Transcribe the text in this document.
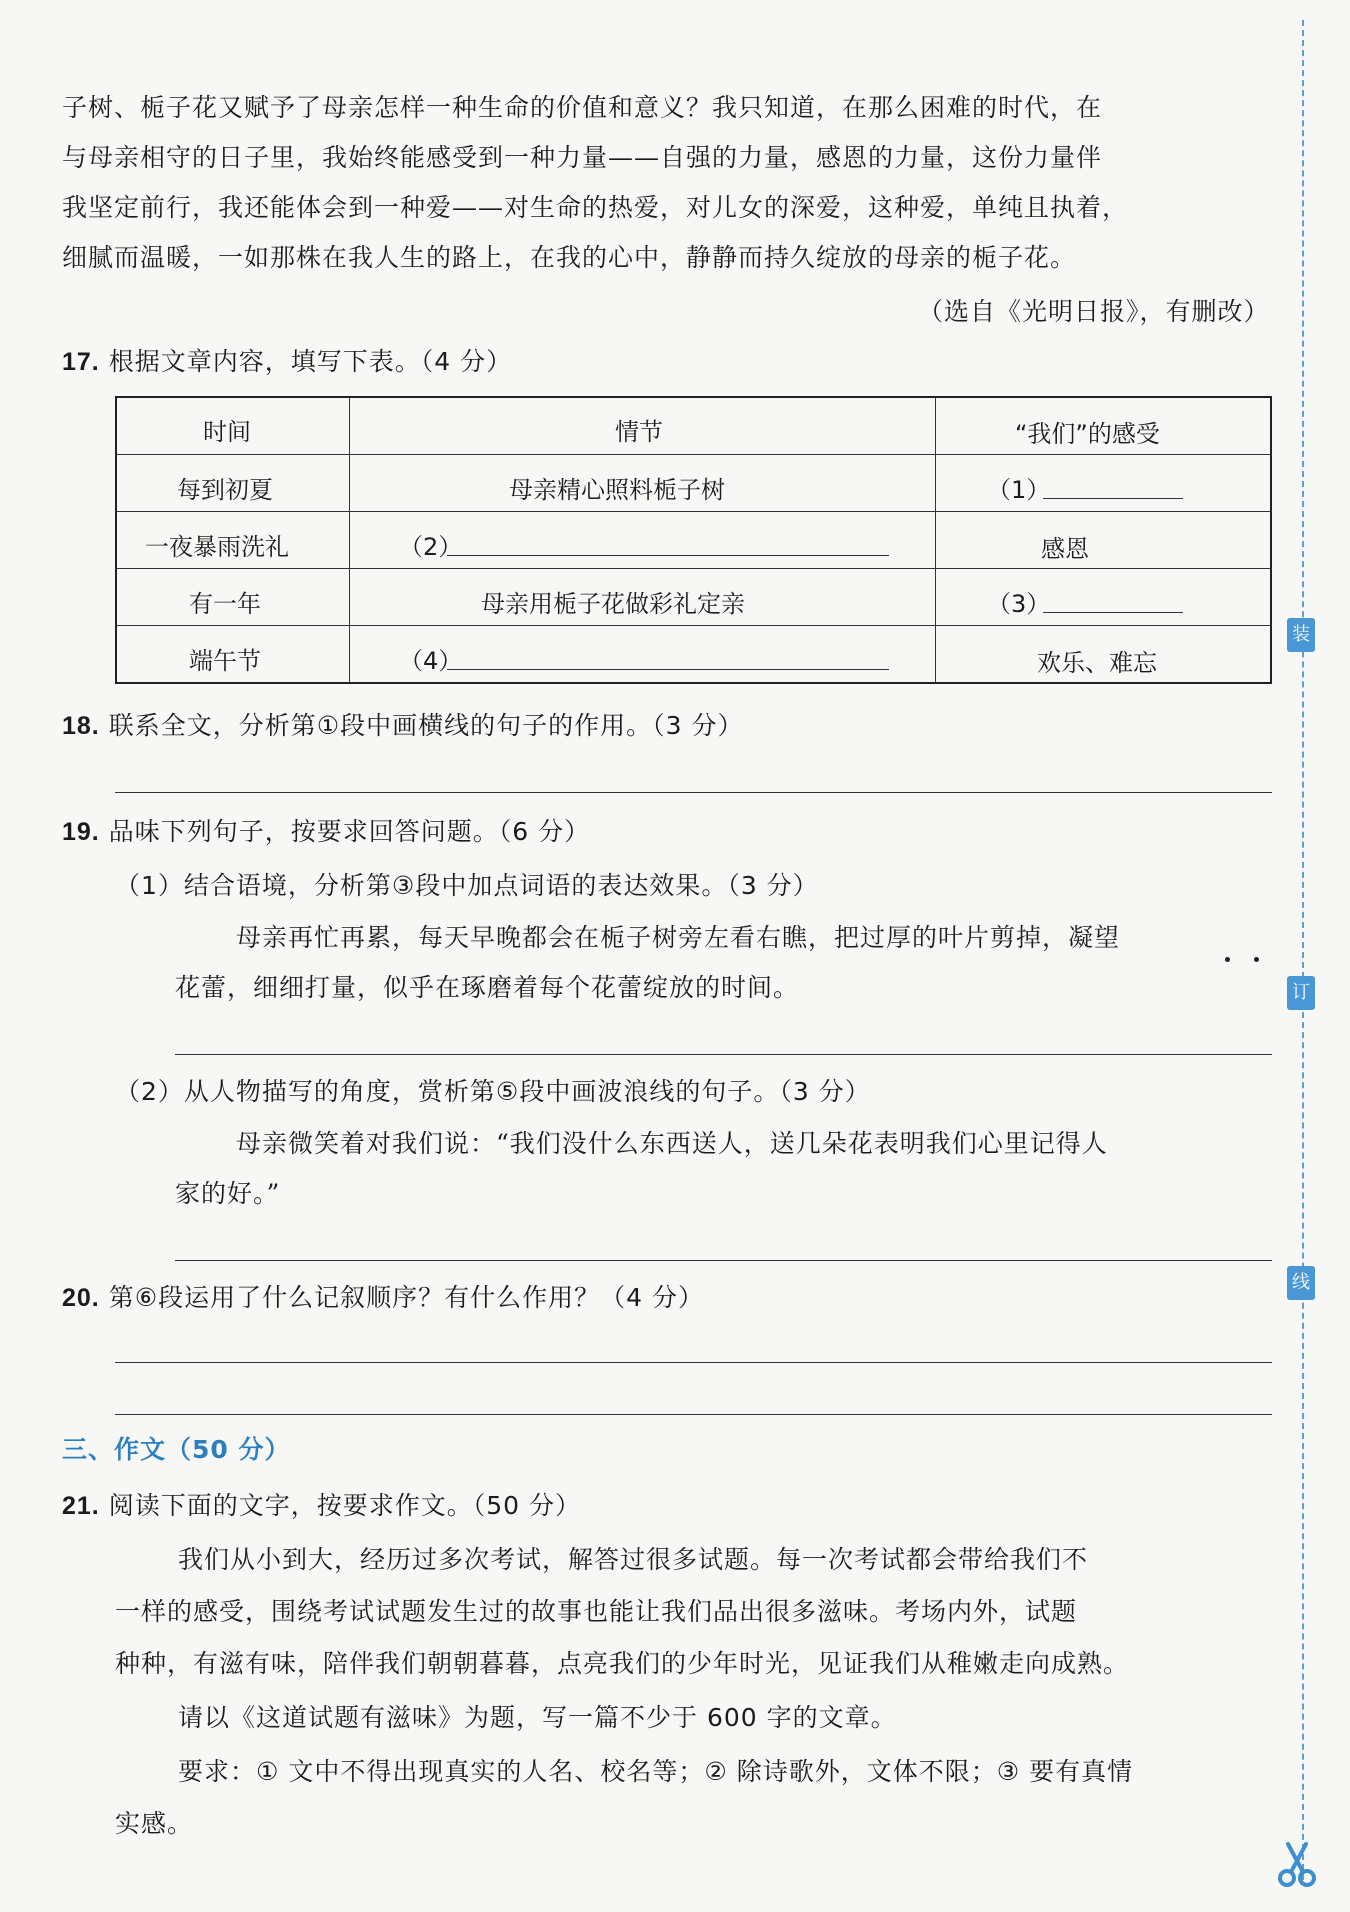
子树、栀子花又赋予了母亲怎样一种生命的价值和意义？我只知道，在那么困难的时代，在
与母亲相守的日子里，我始终能感受到一种力量——自强的力量，感恩的力量，这份力量伴
我坚定前行，我还能体会到一种爱——对生命的热爱，对儿女的深爱，这种爱，单纯且执着，
细腻而温暖，一如那株在我人生的路上，在我的心中，静静而持久绽放的母亲的栀子花。
（选自《光明日报》，有删改）
17. 根据文章内容，填写下表。（4 分）
时间	情节	“我们”的感受
每到初夏	母亲精心照料栀子树	（1）
一夜暴雨洗礼	（2）	感恩
有一年	母亲用栀子花做彩礼定亲	（3）
端午节	（4）	欢乐、难忘
18. 联系全文，分析第①段中画横线的句子的作用。（3 分）
19. 品味下列句子，按要求回答问题。（6 分）
（1）结合语境，分析第③段中加点词语的表达效果。（3 分）
母亲再忙再累，每天早晚都会在栀子树旁左看右瞧，把过厚的叶片剪掉，凝望
花蕾，细细打量，似乎在琢磨着每个花蕾绽放的时间。
（2）从人物描写的角度，赏析第⑤段中画波浪线的句子。（3 分）
母亲微笑着对我们说：“我们没什么东西送人，送几朵花表明我们心里记得人
家的好。”
20. 第⑥段运用了什么记叙顺序？有什么作用？（4 分）
三、作文（50 分）
21. 阅读下面的文字，按要求作文。（50 分）
我们从小到大，经历过多次考试，解答过很多试题。每一次考试都会带给我们不
一样的感受，围绕考试试题发生过的故事也能让我们品出很多滋味。考场内外，试题
种种，有滋有味，陪伴我们朝朝暮暮，点亮我们的少年时光，见证我们从稚嫩走向成熟。
请以《这道试题有滋味》为题，写一篇不少于 600 字的文章。
要求：① 文中不得出现真实的人名、校名等；② 除诗歌外，文体不限；③ 要有真情
实感。
装
订
线
